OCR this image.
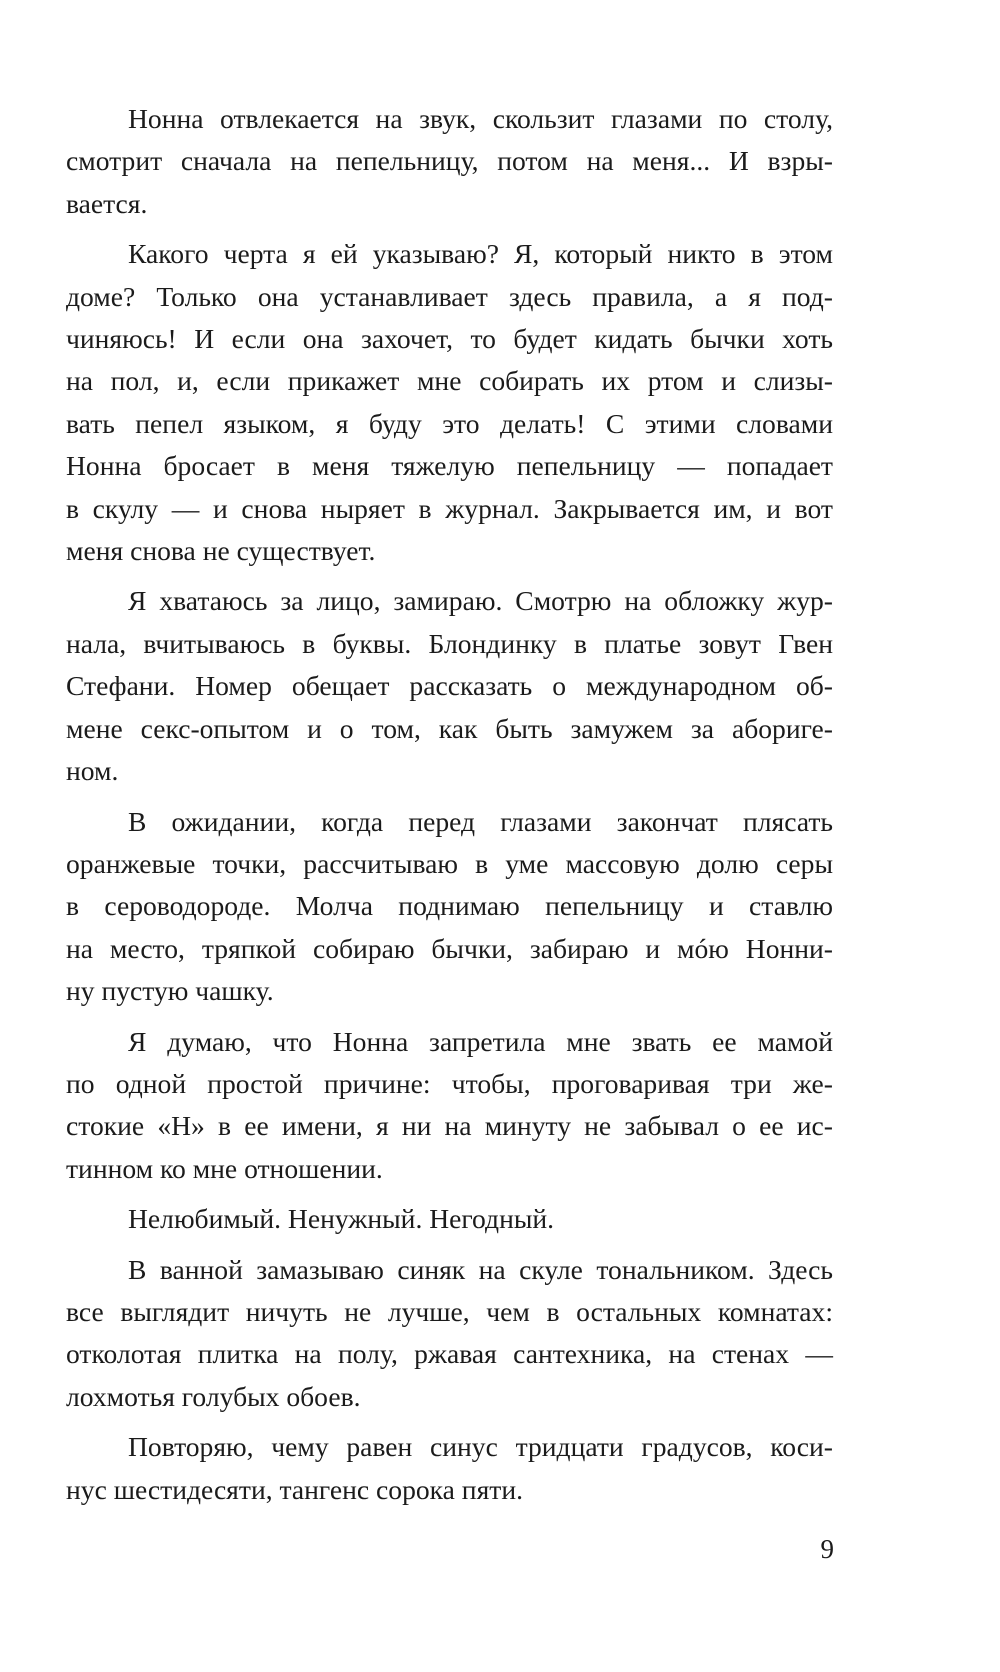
Нонна отвлекается на звук, скользит глазами по столу,
смотрит сначала на пепельницу, потом на меня... И взры-
вается.
Какого черта я ей указываю? Я, который никто в этом
доме? Только она устанавливает здесь правила, а я под-
чиняюсь! И если она захочет, то будет кидать бычки хоть
на пол, и, если прикажет мне собирать их ртом и слизы-
вать пепел языком, я буду это делать! С этими словами
Нонна бросает в меня тяжелую пепельницу — попадает
в скулу — и снова ныряет в журнал. Закрывается им, и вот
меня снова не существует.
Я хватаюсь за лицо, замираю. Смотрю на обложку жур-
нала, вчитываюсь в буквы. Блондинку в платье зовут Гвен
Стефани. Номер обещает рассказать о международном об-
мене секс-опытом и о том, как быть замужем за абориге-
ном.
В ожидании, когда перед глазами закончат плясать
оранжевые точки, рассчитываю в уме массовую долю серы
в сероводороде. Молча поднимаю пепельницу и ставлю
на место, тряпкой собираю бычки, забираю и мóю Нонни-
ну пустую чашку.
Я думаю, что Нонна запретила мне звать ее мамой
по одной простой причине: чтобы, проговаривая три же-
стокие «Н» в ее имени, я ни на минуту не забывал о ее ис-
тинном ко мне отношении.
Нелюбимый. Ненужный. Негодный.
В ванной замазываю синяк на скуле тональником. Здесь
все выглядит ничуть не лучше, чем в остальных комнатах:
отколотая плитка на полу, ржавая сантехника, на стенах —
лохмотья голубых обоев.
Повторяю, чему равен синус тридцати градусов, коси-
нус шестидесяти, тангенс сорока пяти.
9
